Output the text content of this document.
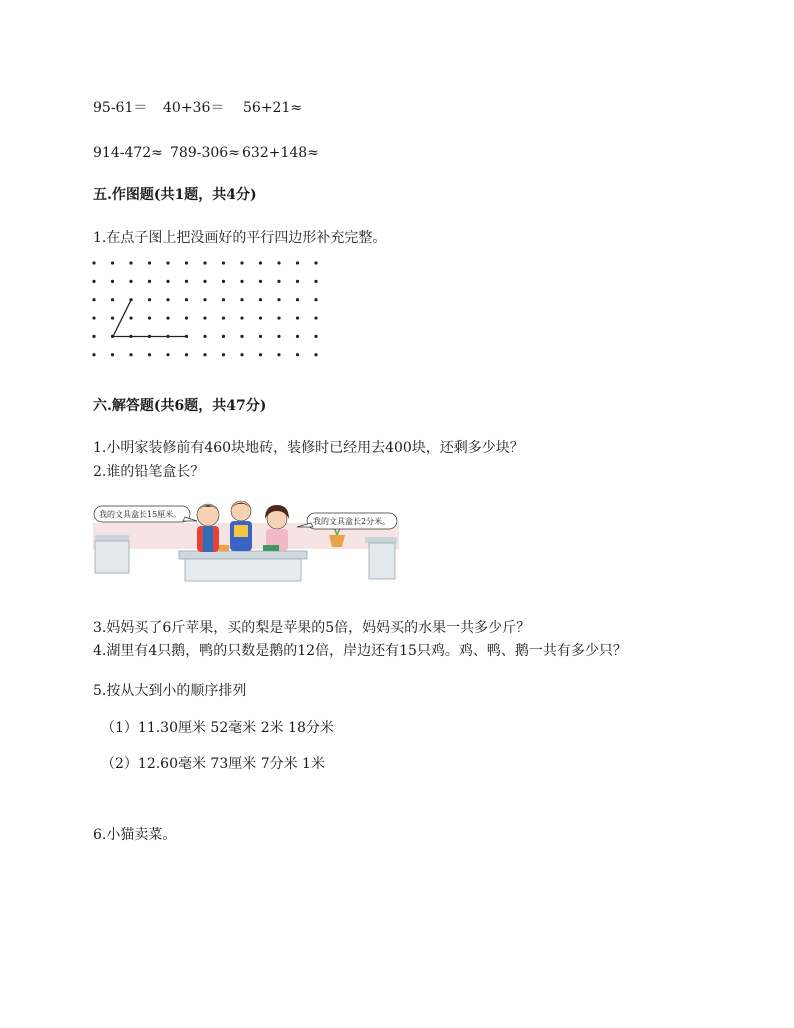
95-61＝ 40+36＝ 56+21≈
914-472≈ 789-306≈ 632+148≈
五.作图题(共1题，共4分)
1.在点子图上把没画好的平行四边形补充完整。
六.解答题(共6题，共47分)
1.小明家装修前有460块地砖，装修时已经用去400块，还剩多少块？
2.谁的铅笔盒长？
我的文具盒长15厘米。
我的文具盒长2分米。
3.妈妈买了6斤苹果，买的梨是苹果的5倍，妈妈买的水果一共多少斤？
4.湖里有4只鹅，鸭的只数是鹅的12倍，岸边还有15只鸡。鸡、鸭、鹅一共有多少只？
5.按从大到小的顺序排列
（1）11.30厘米 52毫米 2米 18分米
（2）12.60毫米 73厘米 7分米 1米
6.小猫卖菜。
